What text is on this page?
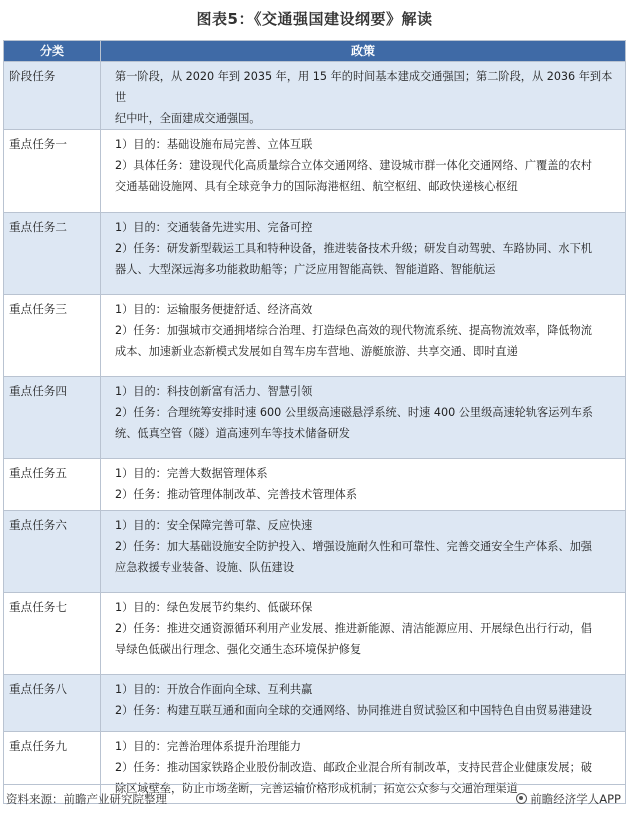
图表5：《交通强国建设纲要》解读
分类	政策
阶段任务	第一阶段，从 2020 年到 2035 年，用 15 年的时间基本建成交通强国；第二阶段，从 2036 年到本世
纪中叶，全面建成交通强国。

重点任务一	1）目的：基础设施布局完善、立体互联
2）具体任务：建设现代化高质量综合立体交通网络、建设城市群一体化交通网络、广覆盖的农村
交通基础设施网、具有全球竞争力的国际海港枢纽、航空枢纽、邮政快递核心枢纽

重点任务二	1）目的：交通装备先进实用、完备可控
2）任务：研发新型载运工具和特种设备，推进装备技术升级；研发自动驾驶、车路协同、水下机
器人、大型深远海多功能救助船等；广泛应用智能高铁、智能道路、智能航运

重点任务三	1）目的：运输服务便捷舒适、经济高效
2）任务：加强城市交通拥堵综合治理、打造绿色高效的现代物流系统、提高物流效率，降低物流
成本、加速新业态新模式发展如自驾车房车营地、游艇旅游、共享交通、即时直递

重点任务四	1）目的：科技创新富有活力、智慧引领
2）任务：合理统筹安排时速 600 公里级高速磁悬浮系统、时速 400 公里级高速轮轨客运列车系
统、低真空管（隧）道高速列车等技术储备研发

重点任务五	1）目的：完善大数据管理体系
2）任务：推动管理体制改革、完善技术管理体系

重点任务六	1）目的：安全保障完善可靠、反应快速
2）任务：加大基础设施安全防护投入、增强设施耐久性和可靠性、完善交通安全生产体系、加强
应急救援专业装备、设施、队伍建设

重点任务七	1）目的：绿色发展节约集约、低碳环保
2）任务：推进交通资源循环利用产业发展、推进新能源、清洁能源应用、开展绿色出行行动，倡
导绿色低碳出行理念、强化交通生态环境保护修复

重点任务八	1）目的：开放合作面向全球、互利共赢
2）任务：构建互联互通和面向全球的交通网络、协同推进自贸试验区和中国特色自由贸易港建设

重点任务九	1）目的：完善治理体系提升治理能力
2）任务：推动国家铁路企业股份制改造、邮政企业混合所有制改革，支持民营企业健康发展；破
除区域壁垒，防止市场垄断，完善运输价格形成机制；拓宽公众参与交通治理渠道
资料来源：前瞻产业研究院整理	前瞻经济学人APP
